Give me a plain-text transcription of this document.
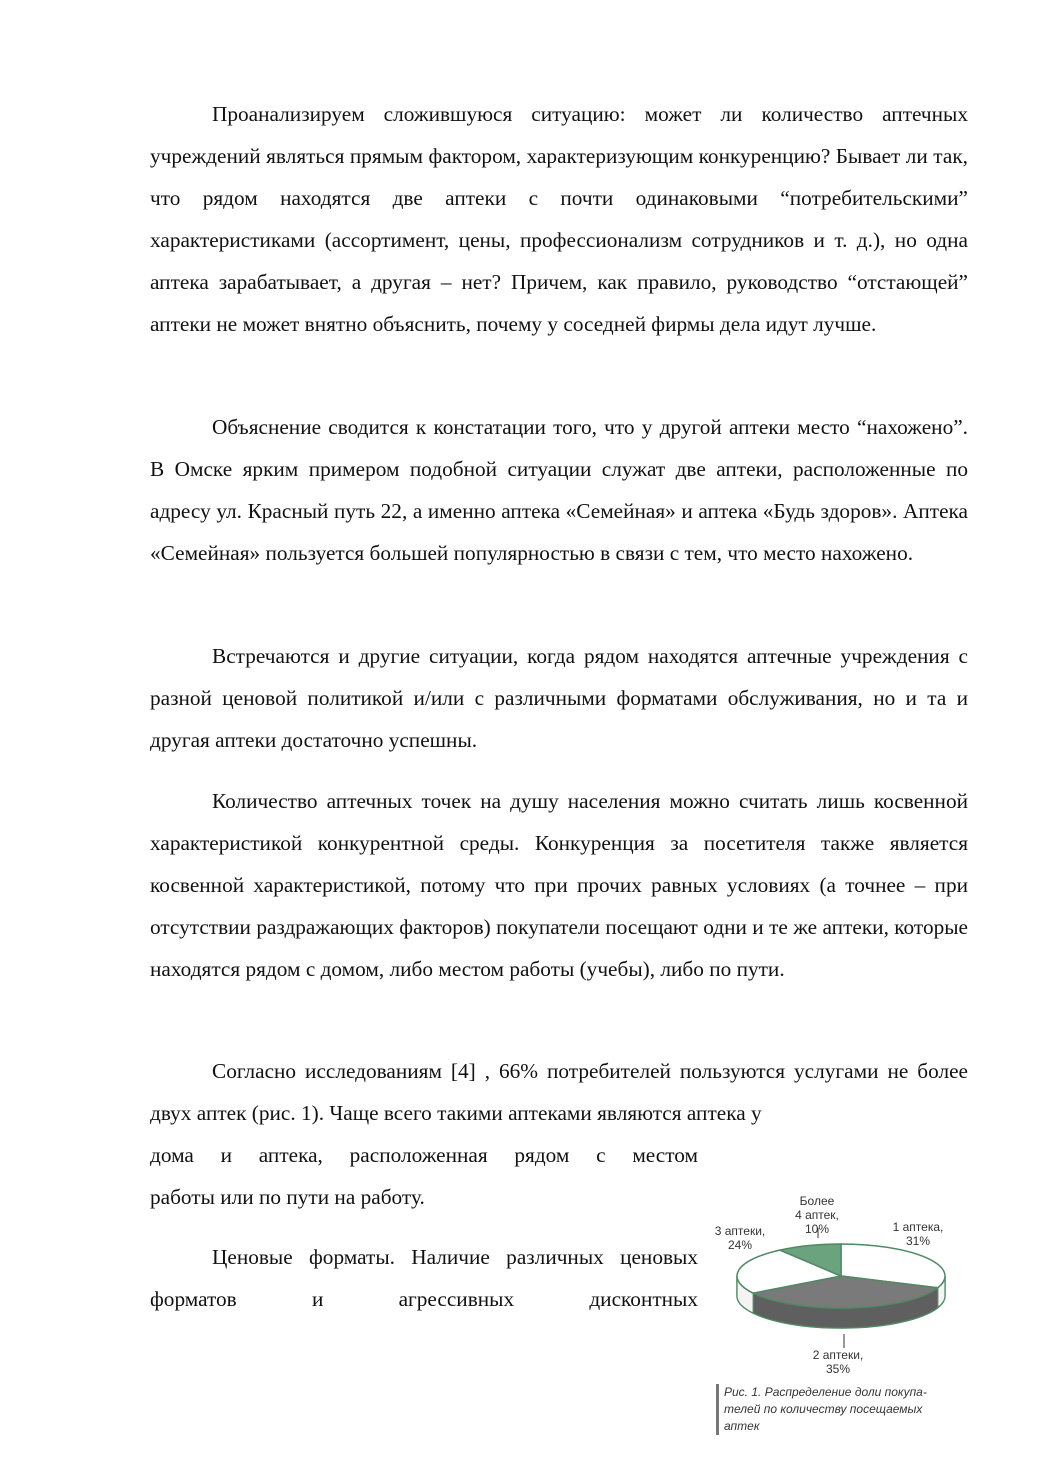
Проанализируем сложившуюся ситуацию: может ли количество аптечных учреждений являться прямым фактором, характеризующим конкуренцию? Бывает ли так, что рядом находятся две аптеки с почти одинаковыми “потребительскими” характеристиками (ассортимент, цены, профессионализм сотрудников и т. д.), но одна аптека зарабатывает, а другая – нет? Причем, как правило, руководство “отстающей” аптеки не может внятно объяснить, почему у соседней фирмы дела идут лучше.

Объяснение сводится к констатации того, что у другой аптеки место “нахожено”. В Омске ярким примером подобной ситуации служат две аптеки, расположенные по адресу ул. Красный путь 22, а именно аптека «Семейная» и аптека «Будь здоров». Аптека «Семейная» пользуется большей популярностью в связи с тем, что место нахожено.

Встречаются и другие ситуации, когда рядом находятся аптечные учреждения с разной ценовой политикой и/или с различными форматами обслуживания, но и та и другая аптеки достаточно успешны.

Количество аптечных точек на душу населения можно считать лишь косвенной характеристикой конкурентной среды. Конкуренция за посетителя также является косвенной характеристикой, потому что при прочих равных условиях (а точнее – при отсутствии раздражающих факторов) покупатели посещают одни и те же аптеки, которые находятся рядом с домом, либо местом работы (учебы), либо по пути.

Согласно исследованиям [4] , 66% потребителей пользуются услугами не более двух аптек (рис. 1). Чаще всего такими аптеками являются аптека у
дома и аптека, расположенная рядом с местом

работы или по пути на работу.

Ценовые форматы. Наличие различных ценовых форматов и агрессивных дисконтных

Более
4 аптек,
10%
3 аптеки,
24%
1 аптека,
31%
2 аптеки,
35%
Рис. 1. Распределение доли покупа-
телей по количеству посещаемых
аптек
